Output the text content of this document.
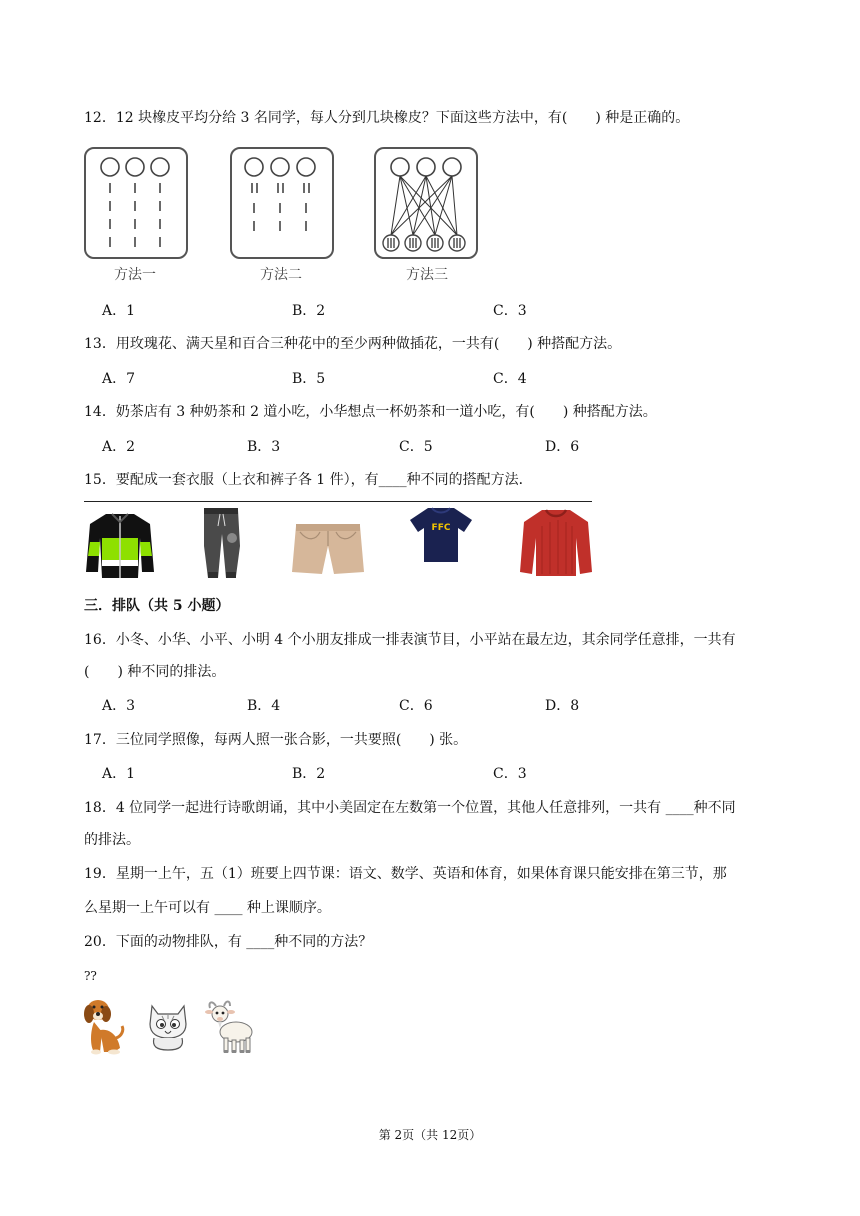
12．12 块橡皮平均分给 3 名同学，每人分到几块橡皮？下面这些方法中，有(　　) 种是正确的。
方法一	方法二	方法三
A．1	B．2	C．3
13．用玫瑰花、满天星和百合三种花中的至少两种做插花，一共有(　　) 种搭配方法。
A．7	B．5	C．4
14．奶茶店有 3 种奶茶和 2 道小吃，小华想点一杯奶茶和一道小吃，有(　　) 种搭配方法。
A．2	B．3	C．5	D．6
15．要配成一套衣服（上衣和裤子各 1 件），有____种不同的搭配方法．
FFC
三．排队（共 5 小题）
16．小冬、小华、小平、小明 4 个小朋友排成一排表演节目，小平站在最左边，其余同学任意排，一共有
(　　) 种不同的排法。
A．3	B．4	C．6	D．8
17．三位同学照像，每两人照一张合影，一共要照(　　) 张。
A．1	B．2	C．3
18．4 位同学一起进行诗歌朗诵，其中小美固定在左数第一个位置，其他人任意排列，一共有 ____种不同
的排法。
19．星期一上午，五（1）班要上四节课：语文、数学、英语和体育，如果体育课只能安排在第三节，那
么星期一上午可以有 ____ 种上课顺序。
20．下面的动物排队，有 ____种不同的方法？
??
第 2页（共 12页）
